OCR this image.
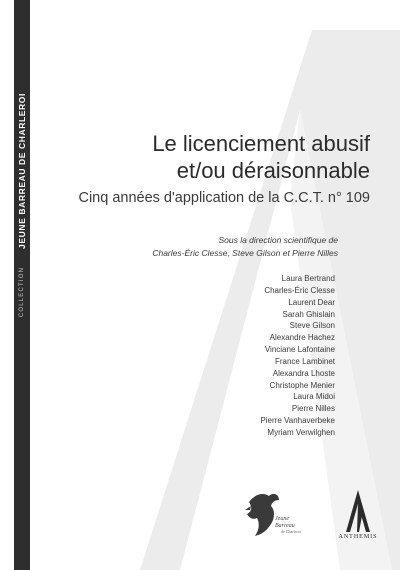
JEUNE BARREAU DE CHARLEROI
COLLECTION
Le licenciement abusif
et/ou déraisonnable

Cinq années d'application de la C.C.T. n° 109

Sous la direction scientifique de
Charles-Éric Clesse, Steve Gilson et Pierre Nilles
Laura Bertrand
Charles-Éric Clesse
Laurent Dear
Sarah Ghislain
Steve Gilson
Alexandre Hachez
Vinciane Lafontaine
France Lambinet
Alexandra Lhoste
Christophe Menier
Laura Midoi
Pierre Nilles
Pierre Vanhaverbeke
Myriam Verwilghen
Jeune
Barreau
de Charleroi
ANTHEMIS
